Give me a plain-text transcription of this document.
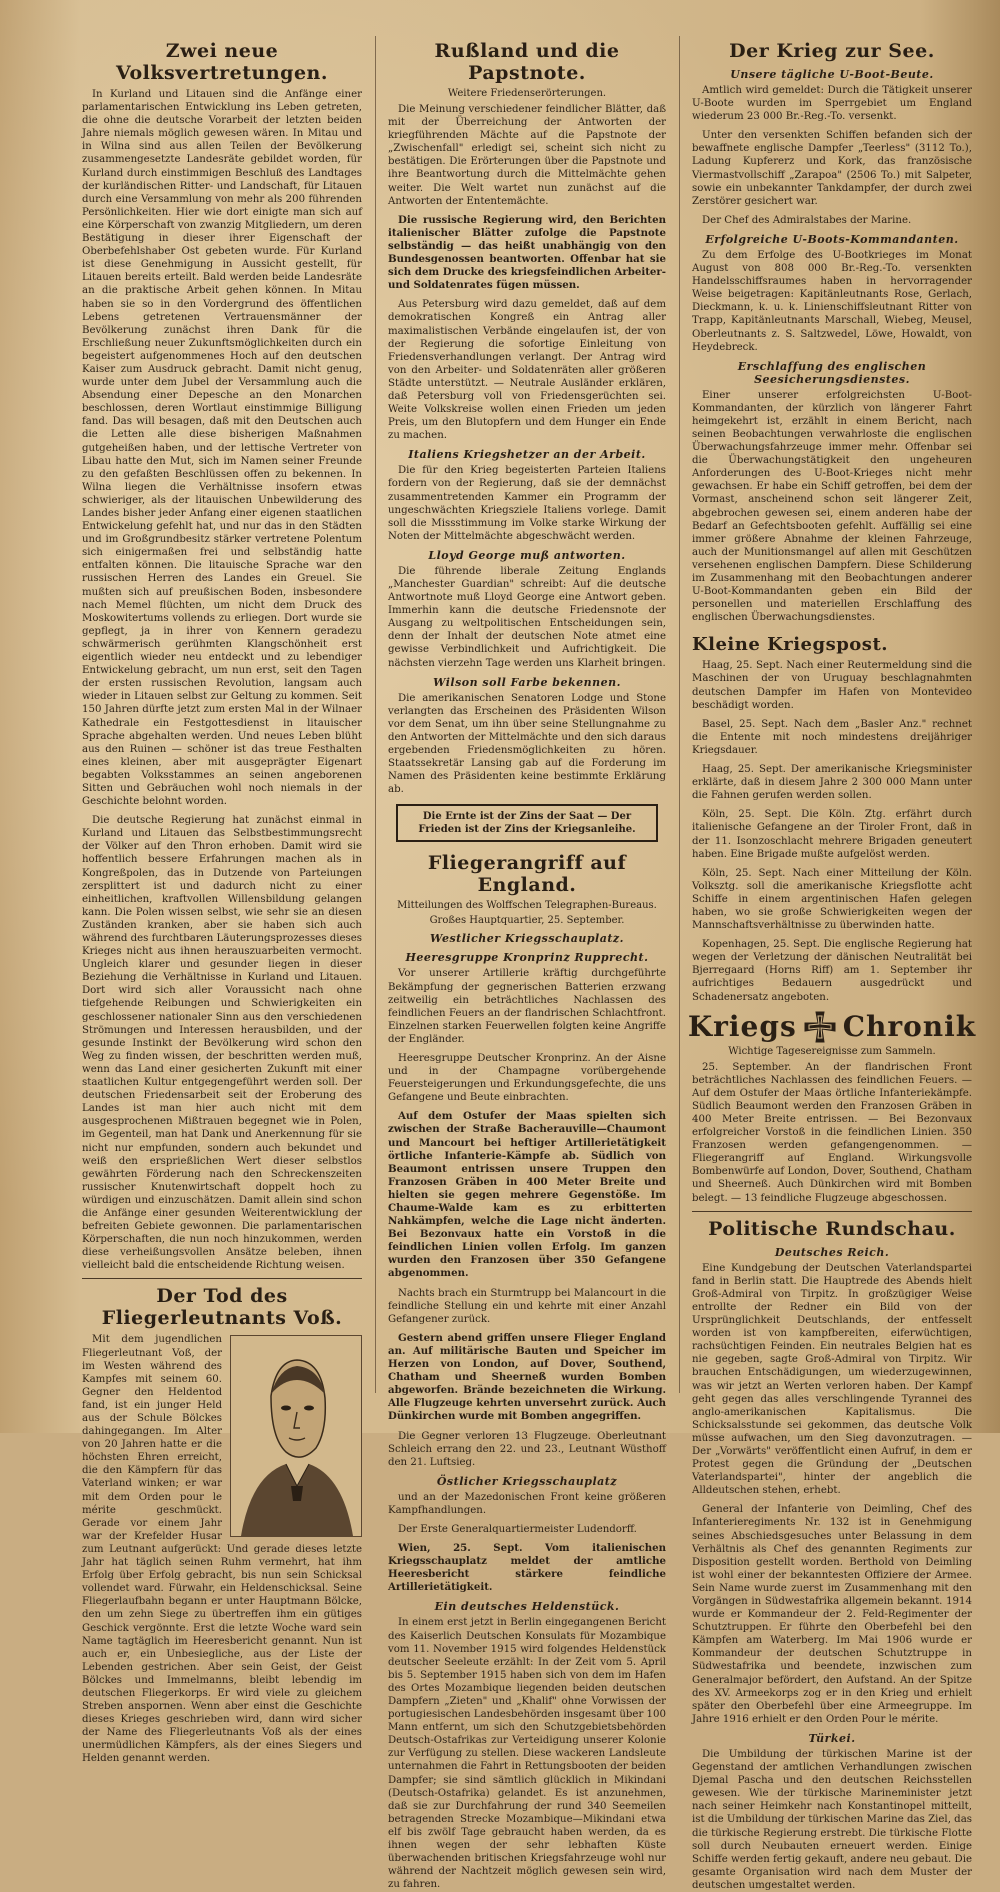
Zwei neue Volksvertretungen.

In Kurland und Litauen sind die Anfänge einer parlamentarischen Entwicklung ins Leben getreten, die ohne die deutsche Vorarbeit der letzten beiden Jahre niemals möglich gewesen wären. In Mitau und in Wilna sind aus allen Teilen der Bevölkerung zusammengesetzte Landesräte gebildet worden, für Kurland durch einstimmigen Beschluß des Landtages der kurländischen Ritter- und Landschaft, für Litauen durch eine Versammlung von mehr als 200 führenden Persönlichkeiten. Hier wie dort einigte man sich auf eine Körperschaft von zwanzig Mitgliedern, um deren Bestätigung in dieser ihrer Eigenschaft der Oberbefehlshaber Ost gebeten wurde. Für Kurland ist diese Genehmigung in Aussicht gestellt, für Litauen bereits erteilt. Bald werden beide Landesräte an die praktische Arbeit gehen können. In Mitau haben sie so in den Vordergrund des öffentlichen Lebens getretenen Vertrauensmänner der Bevölkerung zunächst ihren Dank für die Erschließung neuer Zukunftsmöglichkeiten durch ein begeistert aufgenommenes Hoch auf den deutschen Kaiser zum Ausdruck gebracht. Damit nicht genug, wurde unter dem Jubel der Versammlung auch die Absendung einer Depesche an den Monarchen beschlossen, deren Wortlaut einstimmige Billigung fand. Das will besagen, daß mit den Deutschen auch die Letten alle diese bisherigen Maßnahmen gutgeheißen haben, und der lettische Vertreter von Libau hatte den Mut, sich im Namen seiner Freunde zu den gefaßten Beschlüssen offen zu bekennen. In Wilna liegen die Verhältnisse insofern etwas schwieriger, als der litauischen Unbewilderung des Landes bisher jeder Anfang einer eigenen staatlichen Entwickelung gefehlt hat, und nur das in den Städten und im Großgrundbesitz stärker vertretene Polentum sich einigermaßen frei und selbständig hatte entfalten können. Die litauische Sprache war den russischen Herren des Landes ein Greuel. Sie mußten sich auf preußischen Boden, insbesondere nach Memel flüchten, um nicht dem Druck des Moskowitertums vollends zu erliegen. Dort wurde sie gepflegt, ja in ihrer von Kennern geradezu schwärmerisch gerühmten Klangschönheit erst eigentlich wieder neu entdeckt und zu lebendiger Entwickelung gebracht, um nun erst, seit den Tagen der ersten russischen Revolution, langsam auch wieder in Litauen selbst zur Geltung zu kommen. Seit 150 Jahren dürfte jetzt zum ersten Mal in der Wilnaer Kathedrale ein Festgottesdienst in litauischer Sprache abgehalten werden. Und neues Leben blüht aus den Ruinen — schöner ist das treue Festhalten eines kleinen, aber mit ausgeprägter Eigenart begabten Volksstammes an seinen angeborenen Sitten und Gebräuchen wohl noch niemals in der Geschichte belohnt worden.

Die deutsche Regierung hat zunächst einmal in Kurland und Litauen das Selbstbestimmungsrecht der Völker auf den Thron erhoben. Damit wird sie hoffentlich bessere Erfahrungen machen als in Kongreßpolen, das in Dutzende von Parteiungen zersplittert ist und dadurch nicht zu einer einheitlichen, kraftvollen Willensbildung gelangen kann. Die Polen wissen selbst, wie sehr sie an diesen Zuständen kranken, aber sie haben sich auch während des furchtbaren Läuterungsprozesses dieses Krieges nicht aus ihnen herauszuarbeiten vermocht. Ungleich klarer und gesunder liegen in dieser Beziehung die Verhältnisse in Kurland und Litauen. Dort wird sich aller Voraussicht nach ohne tiefgehende Reibungen und Schwierigkeiten ein geschlossener nationaler Sinn aus den verschiedenen Strömungen und Interessen herausbilden, und der gesunde Instinkt der Bevölkerung wird schon den Weg zu finden wissen, der beschritten werden muß, wenn das Land einer gesicherten Zukunft mit einer staatlichen Kultur entgegengeführt werden soll. Der deutschen Friedensarbeit seit der Eroberung des Landes ist man hier auch nicht mit dem ausgesprochenen Mißtrauen begegnet wie in Polen, im Gegenteil, man hat Dank und Anerkennung für sie nicht nur empfunden, sondern auch bekundet und weiß den ersprießlichen Wert dieser selbstlos gewährten Förderung nach den Schreckenszeiten russischer Knutenwirtschaft doppelt hoch zu würdigen und einzuschätzen. Damit allein sind schon die Anfänge einer gesunden Weiterentwicklung der befreiten Gebiete gewonnen. Die parlamentarischen Körperschaften, die nun noch hinzukommen, werden diese verheißungsvollen Ansätze beleben, ihnen vielleicht bald die entscheidende Richtung weisen.

Der Tod des Fliegerleutnants Voß.

Mit dem jugendlichen Fliegerleutnant Voß, der im Westen während des Kampfes mit seinem 60. Gegner den Heldentod fand, ist ein junger Held aus der Schule Bölckes dahingegangen. Im Alter von 20 Jahren hatte er die höchsten Ehren erreicht, die den Kämpfern für das Vaterland winken; er war mit dem Orden pour le mérite geschmückt. Gerade vor einem Jahr war der Krefelder Husar zum Leutnant aufgerückt: Und gerade dieses letzte Jahr hat täglich seinen Ruhm vermehrt, hat ihm Erfolg über Erfolg gebracht, bis nun sein Schicksal vollendet ward. Fürwahr, ein Heldenschicksal. Seine Fliegerlaufbahn begann er unter Hauptmann Bölcke, den um zehn Siege zu übertreffen ihm ein gütiges Geschick vergönnte. Erst die letzte Woche ward sein Name tagtäglich im Heeresbericht genannt. Nun ist auch er, ein Unbesiegliche, aus der Liste der Lebenden gestrichen. Aber sein Geist, der Geist Bölckes und Immelmanns, bleibt lebendig im deutschen Fliegerkorps. Er wird viele zu gleichem Streben anspornen. Wenn aber einst die Geschichte dieses Krieges geschrieben wird, dann wird sicher der Name des Fliegerleutnants Voß als der eines unermüdlichen Kämpfers, als der eines Siegers und Helden genannt werden.

Rußland und die Papstnote.
Weitere Friedenserörterungen.

Die Meinung verschiedener feindlicher Blätter, daß mit der Überreichung der Antworten der kriegführenden Mächte auf die Papstnote der „Zwischenfall" erledigt sei, scheint sich nicht zu bestätigen. Die Erörterungen über die Papstnote und ihre Beantwortung durch die Mittelmächte gehen weiter. Die Welt wartet nun zunächst auf die Antworten der Ententemächte.

Die russische Regierung wird, den Berichten italienischer Blätter zufolge die Papstnote selbständig — das heißt unabhängig von den Bundesgenossen beantworten. Offenbar hat sie sich dem Drucke des kriegsfeindlichen Arbeiter- und Soldatenrates fügen müssen.

Aus Petersburg wird dazu gemeldet, daß auf dem demokratischen Kongreß ein Antrag aller maximalistischen Verbände eingelaufen ist, der von der Regierung die sofortige Einleitung von Friedensverhandlungen verlangt. Der Antrag wird von den Arbeiter- und Soldatenräten aller größeren Städte unterstützt. — Neutrale Ausländer erklären, daß Petersburg voll von Friedensgerüchten sei. Weite Volkskreise wollen einen Frieden um jeden Preis, um den Blutopfern und dem Hunger ein Ende zu machen.

Italiens Kriegshetzer an der Arbeit.

Die für den Krieg begeisterten Parteien Italiens fordern von der Regierung, daß sie der demnächst zusammentretenden Kammer ein Programm der ungeschwächten Kriegsziele Italiens vorlege. Damit soll die Missstimmung im Volke starke Wirkung der Noten der Mittelmächte abgeschwächt werden.

Lloyd George muß antworten.

Die führende liberale Zeitung Englands „Manchester Guardian" schreibt: Auf die deutsche Antwortnote muß Lloyd George eine Antwort geben. Immerhin kann die deutsche Friedensnote der Ausgang zu weltpolitischen Entscheidungen sein, denn der Inhalt der deutschen Note atmet eine gewisse Verbindlichkeit und Aufrichtigkeit. Die nächsten vierzehn Tage werden uns Klarheit bringen.

Wilson soll Farbe bekennen.

Die amerikanischen Senatoren Lodge und Stone verlangten das Erscheinen des Präsidenten Wilson vor dem Senat, um ihn über seine Stellungnahme zu den Antworten der Mittelmächte und den sich daraus ergebenden Friedensmöglichkeiten zu hören. Staatssekretär Lansing gab auf die Forderung im Namen des Präsidenten keine bestimmte Erklärung ab.

Die Ernte ist der Zins der Saat — Der Frieden ist der Zins der Kriegsanleihe.
Fliegerangriff auf England.
Mitteilungen des Wolffschen Telegraphen-Bureaus.
Großes Hauptquartier, 25. September.
Westlicher Kriegsschauplatz.
Heeresgruppe Kronprinz Rupprecht.

Vor unserer Artillerie kräftig durchgeführte Bekämpfung der gegnerischen Batterien erzwang zeitweilig ein beträchtliches Nachlassen des feindlichen Feuers an der flandrischen Schlachtfront. Einzelnen starken Feuerwellen folgten keine Angriffe der Engländer.

Heeresgruppe Deutscher Kronprinz. An der Aisne und in der Champagne vorübergehende Feuersteigerungen und Erkundungsgefechte, die uns Gefangene und Beute einbrachten.

Auf dem Ostufer der Maas spielten sich zwischen der Straße Bacherauville—Chaumont und Mancourt bei heftiger Artillerietätigkeit örtliche Infanterie-Kämpfe ab. Südlich von Beaumont entrissen unsere Truppen den Franzosen Gräben in 400 Meter Breite und hielten sie gegen mehrere Gegenstöße. Im Chaume-Walde kam es zu erbitterten Nahkämpfen, welche die Lage nicht änderten. Bei Bezonvaux hatte ein Vorstoß in die feindlichen Linien vollen Erfolg. Im ganzen wurden den Franzosen über 350 Gefangene abgenommen.

Nachts brach ein Sturmtrupp bei Malancourt in die feindliche Stellung ein und kehrte mit einer Anzahl Gefangener zurück.

Gestern abend griffen unsere Flieger England an. Auf militärische Bauten und Speicher im Herzen von London, auf Dover, Southend, Chatham und Sheerneß wurden Bomben abgeworfen. Brände bezeichneten die Wirkung. Alle Flugzeuge kehrten unversehrt zurück. Auch Dünkirchen wurde mit Bomben angegriffen.

Die Gegner verloren 13 Flugzeuge. Oberleutnant Schleich errang den 22. und 23., Leutnant Wüsthoff den 21. Luftsieg.

Östlicher Kriegsschauplatz

und an der Mazedonischen Front keine größeren Kampfhandlungen.

Der Erste Generalquartiermeister Ludendorff.

Wien, 25. Sept. Vom italienischen Kriegsschauplatz meldet der amtliche Heeresbericht stärkere feindliche Artillerietätigkeit.

Ein deutsches Heldenstück.

In einem erst jetzt in Berlin eingegangenen Bericht des Kaiserlich Deutschen Konsulats für Mozambique vom 11. November 1915 wird folgendes Heldenstück deutscher Seeleute erzählt: In der Zeit vom 5. April bis 5. September 1915 haben sich von dem im Hafen des Ortes Mozambique liegenden beiden deutschen Dampfern „Zieten" und „Khalif" ohne Vorwissen der portugiesischen Landesbehörden insgesamt über 100 Mann entfernt, um sich den Schutzgebietsbehörden Deutsch-Ostafrikas zur Verteidigung unserer Kolonie zur Verfügung zu stellen. Diese wackeren Landsleute unternahmen die Fahrt in Rettungsbooten der beiden Dampfer; sie sind sämtlich glücklich in Mikindani (Deutsch-Ostafrika) gelandet. Es ist anzunehmen, daß sie zur Durchfahrung der rund 340 Seemeilen betragenden Strecke Mozambique—Mikindani etwa elf bis zwölf Tage gebraucht haben werden, da es ihnen wegen der sehr lebhaften Küste überwachenden britischen Kriegsfahrzeuge wohl nur während der Nachtzeit möglich gewesen sein wird, zu fahren.

Der Krieg zur See.
Unsere tägliche U-Boot-Beute.

Amtlich wird gemeldet: Durch die Tätigkeit unserer U-Boote wurden im Sperrgebiet um England wiederum 23 000 Br.-Reg.-To. versenkt.

Unter den versenkten Schiffen befanden sich der bewaffnete englische Dampfer „Teerless" (3112 To.), Ladung Kupfererz und Kork, das französische Viermastvollschiff „Zarapoa" (2506 To.) mit Salpeter, sowie ein unbekannter Tankdampfer, der durch zwei Zerstörer gesichert war.

Der Chef des Admiralstabes der Marine.

Erfolgreiche U-Boots-Kommandanten.

Zu dem Erfolge des U-Bootkrieges im Monat August von 808 000 Br.-Reg.-To. versenkten Handelsschiffsraumes haben in hervorragender Weise beigetragen: Kapitänleutnants Rose, Gerlach, Dieckmann, k. u. k. Linienschiffsleutnant Ritter von Trapp, Kapitänleutnants Marschall, Wiebeg, Meusel, Oberleutnants z. S. Saltzwedel, Löwe, Howaldt, von Heydebreck.

Erschlaffung des englischen Seesicherungsdienstes.

Einer unserer erfolgreichsten U-Boot-Kommandanten, der kürzlich von längerer Fahrt heimgekehrt ist, erzählt in einem Bericht, nach seinen Beobachtungen verwahrloste die englischen Überwachungsfahrzeuge immer mehr. Offenbar sei die Überwachungstätigkeit den ungeheuren Anforderungen des U-Boot-Krieges nicht mehr gewachsen. Er habe ein Schiff getroffen, bei dem der Vormast, anscheinend schon seit längerer Zeit, abgebrochen gewesen sei, einem anderen habe der Bedarf an Gefechtsbooten gefehlt. Auffällig sei eine immer größere Abnahme der kleinen Fahrzeuge, auch der Munitionsmangel auf allen mit Geschützen versehenen englischen Dampfern. Diese Schilderung im Zusammenhang mit den Beobachtungen anderer U-Boot-Kommandanten geben ein Bild der personellen und materiellen Erschlaffung des englischen Überwachungsdienstes.

Kleine Kriegspost.

Haag, 25. Sept. Nach einer Reutermeldung sind die Maschinen der von Uruguay beschlagnahmten deutschen Dampfer im Hafen von Montevideo beschädigt worden.

Basel, 25. Sept. Nach dem „Basler Anz." rechnet die Entente mit noch mindestens dreijähriger Kriegsdauer.

Haag, 25. Sept. Der amerikanische Kriegsminister erklärte, daß in diesem Jahre 2 300 000 Mann unter die Fahnen gerufen werden sollen.

Köln, 25. Sept. Die Köln. Ztg. erfährt durch italienische Gefangene an der Tiroler Front, daß in der 11. Isonzoschlacht mehrere Brigaden geneutert haben. Eine Brigade mußte aufgelöst werden.

Köln, 25. Sept. Nach einer Mitteilung der Köln. Volksztg. soll die amerikanische Kriegsflotte acht Schiffe in einem argentinischen Hafen gelegen haben, wo sie große Schwierigkeiten wegen der Mannschaftsverhältnisse zu überwinden hatte.

Kopenhagen, 25. Sept. Die englische Regierung hat wegen der Verletzung der dänischen Neutralität bei Bjerregaard (Horns Riff) am 1. September ihr aufrichtiges Bedauern ausgedrückt und Schadenersatz angeboten.

Kriegs Chronik
Wichtige Tagesereignisse zum Sammeln.

25. September. An der flandrischen Front beträchtliches Nachlassen des feindlichen Feuers. — Auf dem Ostufer der Maas örtliche Infanteriekämpfe. Südlich Beaumont werden den Franzosen Gräben in 400 Meter Breite entrissen. — Bei Bezonvaux erfolgreicher Vorstoß in die feindlichen Linien. 350 Franzosen werden gefangengenommen. — Fliegerangriff auf England. Wirkungsvolle Bombenwürfe auf London, Dover, Southend, Chatham und Sheerneß. Auch Dünkirchen wird mit Bomben belegt. — 13 feindliche Flugzeuge abgeschossen.

Politische Rundschau.
Deutsches Reich.

Eine Kundgebung der Deutschen Vaterlandspartei fand in Berlin statt. Die Hauptrede des Abends hielt Groß-Admiral von Tirpitz. In großzügiger Weise entrollte der Redner ein Bild von der Ursprünglichkeit Deutschlands, der entfesselt worden ist von kampfbereiten, eiferwüchtigen, rachsüchtigen Feinden. Ein neutrales Belgien hat es nie gegeben, sagte Groß-Admiral von Tirpitz. Wir brauchen Entschädigungen, um wiederzugewinnen, was wir jetzt an Werten verloren haben. Der Kampf geht gegen das alles verschlingende Tyrannei des anglo-amerikanischen Kapitalismus. Die Schicksalsstunde sei gekommen, das deutsche Volk müsse aufwachen, um den Sieg davonzutragen. — Der „Vorwärts" veröffentlicht einen Aufruf, in dem er Protest gegen die Gründung der „Deutschen Vaterlandspartei", hinter der angeblich die Alldeutschen stehen, erhebt.

General der Infanterie von Deimling, Chef des Infanterieregiments Nr. 132 ist in Genehmigung seines Abschiedsgesuches unter Belassung in dem Verhältnis als Chef des genannten Regiments zur Disposition gestellt worden. Berthold von Deimling ist wohl einer der bekanntesten Offiziere der Armee. Sein Name wurde zuerst im Zusammenhang mit den Vorgängen in Südwestafrika allgemein bekannt. 1914 wurde er Kommandeur der 2. Feld-Regimenter der Schutztruppen. Er führte den Oberbefehl bei den Kämpfen am Waterberg. Im Mai 1906 wurde er Kommandeur der deutschen Schutztruppe in Südwestafrika und beendete, inzwischen zum Generalmajor befördert, den Aufstand. An der Spitze des XV. Armeekorps zog er in den Krieg und erhielt später den Oberbefehl über eine Armeegruppe. Im Jahre 1916 erhielt er den Orden Pour le mérite.

Türkei.

Die Umbildung der türkischen Marine ist der Gegenstand der amtlichen Verhandlungen zwischen Djemal Pascha und den deutschen Reichsstellen gewesen. Wie der türkische Marineminister jetzt nach seiner Heimkehr nach Konstantinopel mitteilt, ist die Umbildung der türkischen Marine das Ziel, das die türkische Regierung erstrebt. Die türkische Flotte soll durch Neubauten erneuert werden. Einige Schiffe werden fertig gekauft, andere neu gebaut. Die gesamte Organisation wird nach dem Muster der deutschen umgestaltet werden.
